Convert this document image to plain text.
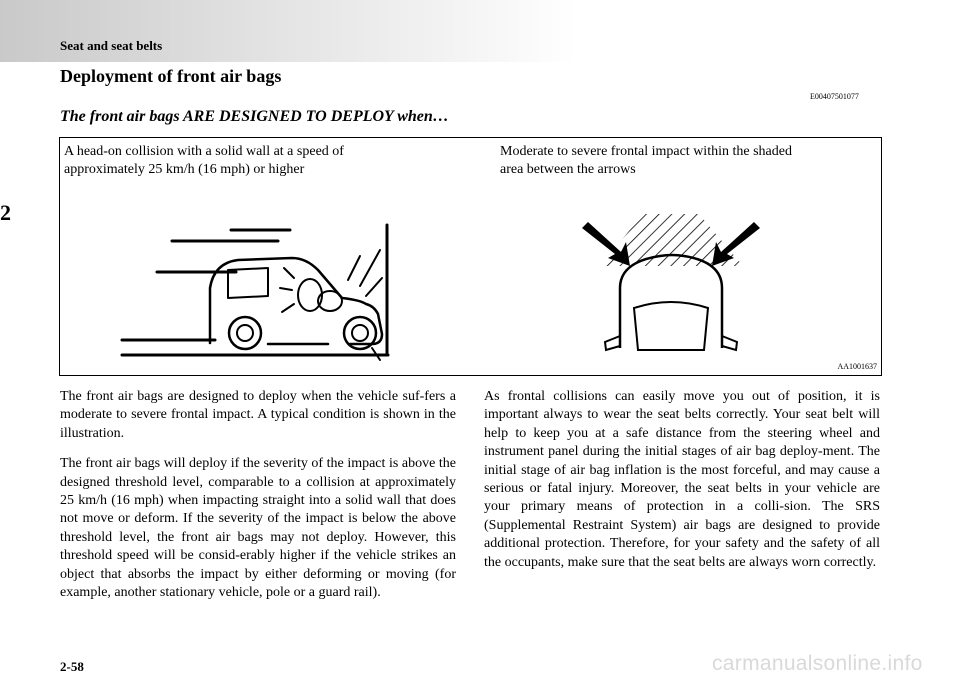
Seat and seat belts
2
Deployment of front air bags
E00407501077
The front air bags ARE DESIGNED TO DEPLOY when…
A head-on collision with a solid wall at a speed of
approximately 25 km/h (16 mph) or higher
Moderate to severe frontal impact within the shaded
area between the arrows
AA1001637

The front air bags are designed to deploy when the vehicle suf-fers a moderate to severe frontal impact. A typical condition is shown in the illustration.

The front air bags will deploy if the severity of the impact is above the designed threshold level, comparable to a collision at approximately 25 km/h (16 mph) when impacting straight into a solid wall that does not move or deform. If the severity of the impact is below the above threshold level, the front air bags may not deploy. However, this threshold speed will be consid-erably higher if the vehicle strikes an object that absorbs the impact by either deforming or moving (for example, another stationary vehicle, pole or a guard rail).

As frontal collisions can easily move you out of position, it is important always to wear the seat belts correctly. Your seat belt will help to keep you at a safe distance from the steering wheel and instrument panel during the initial stages of air bag deploy-ment. The initial stage of air bag inflation is the most forceful, and may cause a serious or fatal injury. Moreover, the seat belts in your vehicle are your primary means of protection in a colli-sion. The SRS (Supplemental Restraint System) air bags are designed to provide additional protection. Therefore, for your safety and the safety of all the occupants, make sure that the seat belts are always worn correctly.

2-58	carmanualsonline.info
